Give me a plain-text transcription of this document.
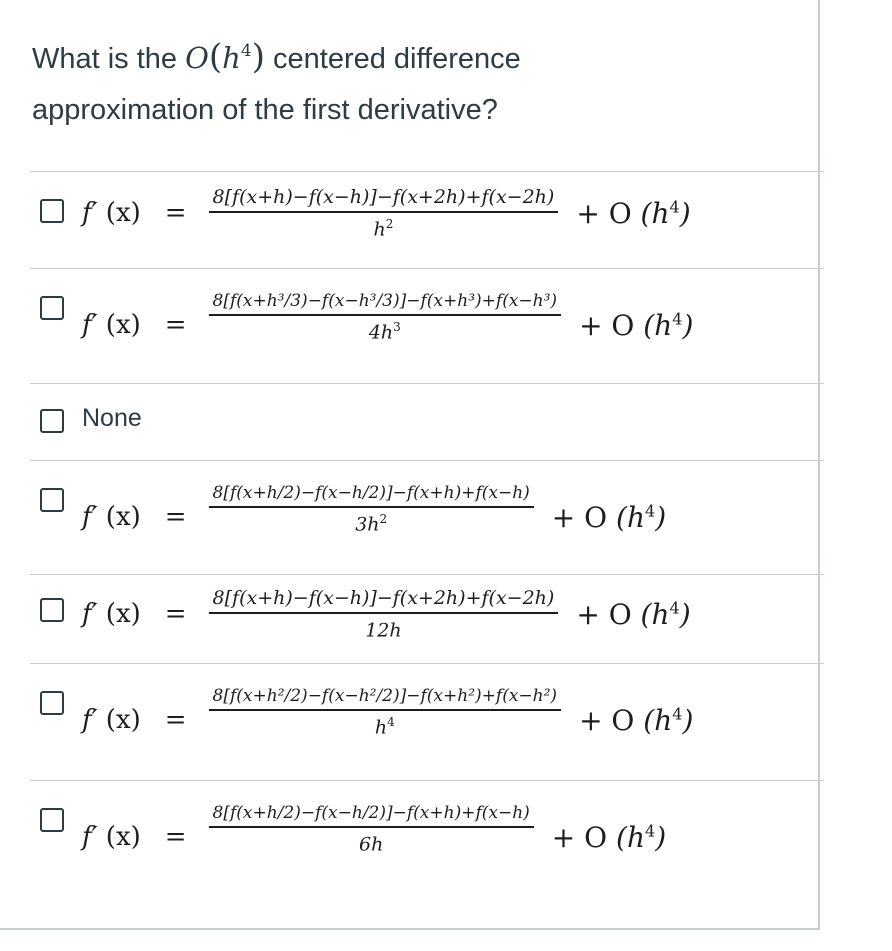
What is the $O(h^4)$ centered difference
approximation of the first derivative?
f′ $(x) = \frac{8[f(x+h)-f(x-h)]-f(x+2h)+f(x-2h)}{h^2} + O$ $(h^4)$
f′ $(x) = \frac{\text{8[f(x+h³/3)−f(x−h³/3)]−f(x+h³)+f(x−h³)}}{4h^3} + O$ $(h^4)$
None
f′ $(x) = \frac{8[f(x+h/2)-f(x-h/2)]-f(x+h)+f(x-h)}{3h^2} + O$ $(h^4)$
f′ $(x) = \frac{8[f(x+h)-f(x-h)]-f(x+2h)+f(x-2h)}{12h} + O$ $(h^4)$
f′ $(x) = \frac{\text{8[f(x+h²/2)−f(x−h²/2)]−f(x+h²)+f(x−h²)}}{h^4} + O$ $(h^4)$
f′ $(x) = \frac{8[f(x+h/2)-f(x-h/2)]-f(x+h)+f(x-h)}{6h} + O$ $(h^4)$
